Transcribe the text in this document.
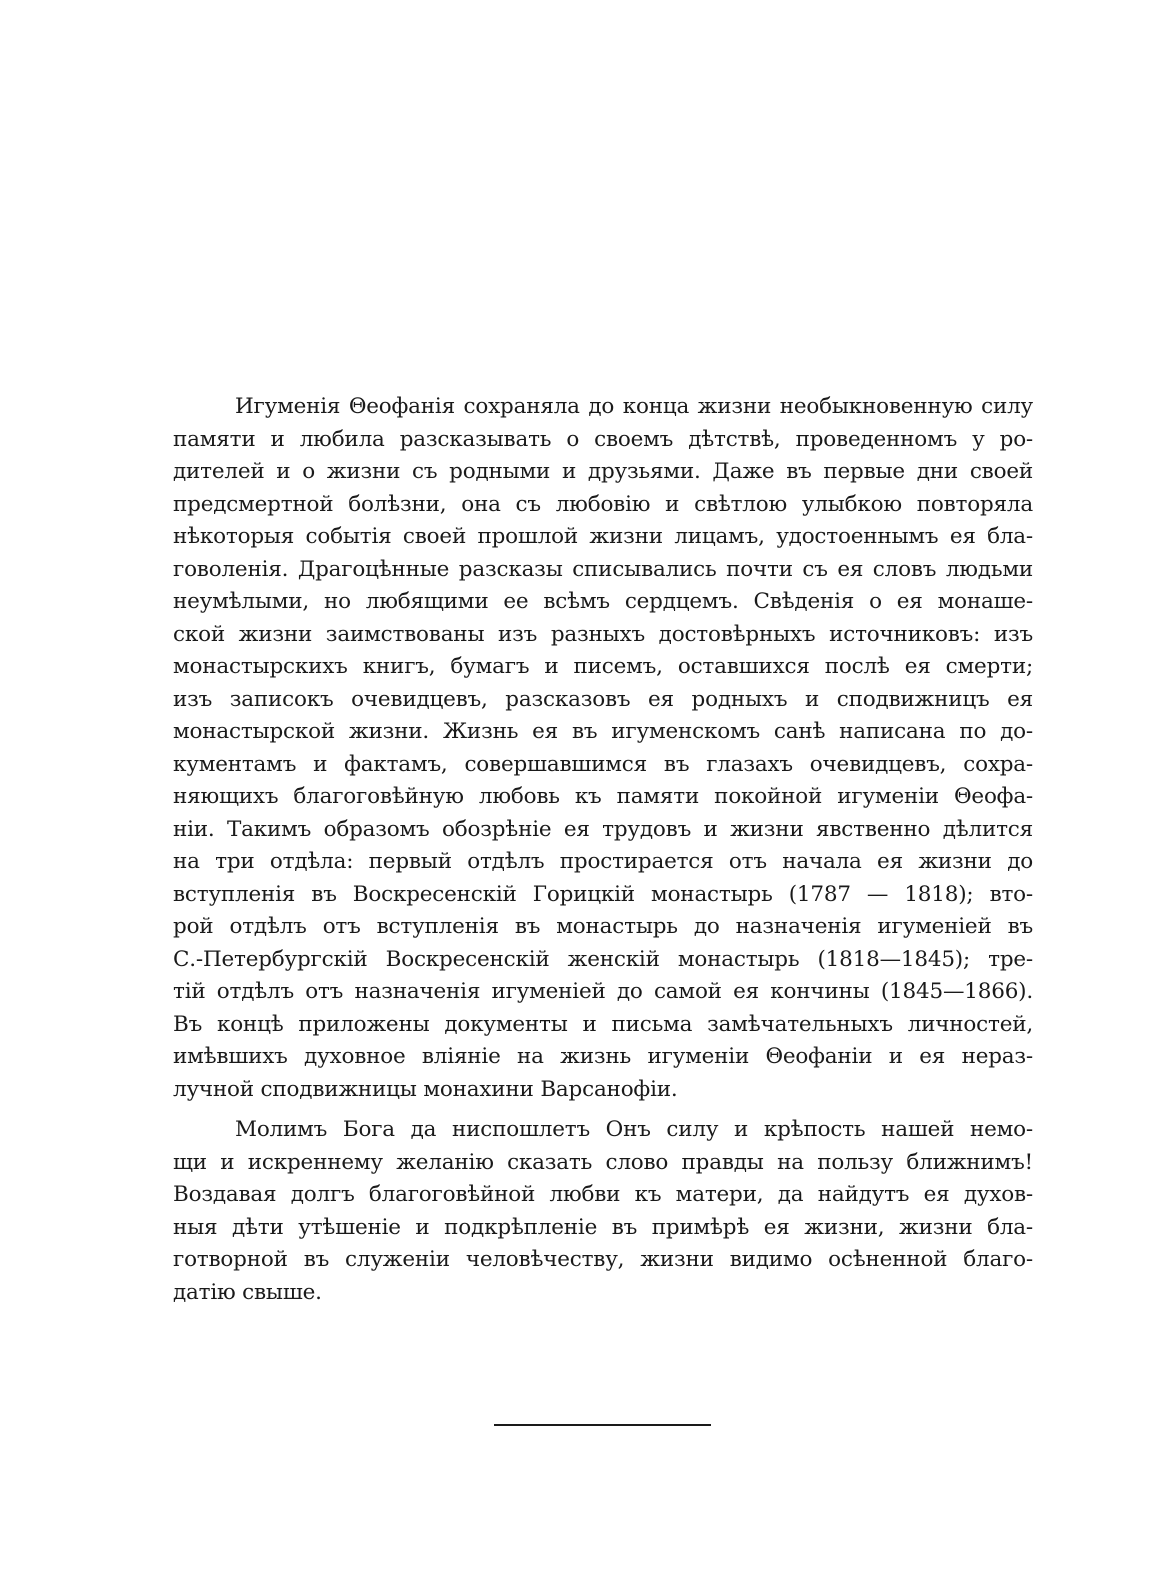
Игуменія Θеофанія сохраняла до конца жизни необыкновенную силу
памяти и любила разсказывать о своемъ дѣтствѣ, проведенномъ у ро-
дителей и о жизни съ родными и друзьями. Даже въ первые дни своей
предсмертной болѣзни, она съ любовію и свѣтлою улыбкою повторяла
нѣкоторыя событія своей прошлой жизни лицамъ, удостоеннымъ ея бла-
говоленія. Драгоцѣнные разсказы списывались почти съ ея словъ людьми
неумѣлыми, но любящими ее всѣмъ сердцемъ. Свѣденія о ея монаше-
ской жизни заимствованы изъ разныхъ достовѣрныхъ источниковъ: изъ
монастырскихъ книгъ, бумагъ и писемъ, оставшихся послѣ ея смерти;
изъ записокъ очевидцевъ, разсказовъ ея родныхъ и сподвижницъ ея
монастырской жизни. Жизнь ея въ игуменскомъ санѣ написана по до-
кументамъ и фактамъ, совершавшимся въ глазахъ очевидцевъ, сохра-
няющихъ благоговѣйную любовь къ памяти покойной игуменіи Θеофа-
ніи. Такимъ образомъ обозрѣніе ея трудовъ и жизни явственно дѣлится
на три отдѣла: первый отдѣлъ простирается отъ начала ея жизни до
вступленія въ Воскресенскій Горицкій монастырь (1787 — 1818); вто-
рой отдѣлъ отъ вступленія въ монастырь до назначенія игуменіей въ
С.-Петербургскій Воскресенскій женскій монастырь (1818—1845); тре-
тій отдѣлъ отъ назначенія игуменіей до самой ея кончины (1845—1866).
Въ концѣ приложены документы и письма замѣчательныхъ личностей,
имѣвшихъ духовное вліяніе на жизнь игуменіи Θеофаніи и ея нераз-
лучной сподвижницы монахини Варсанофіи.
Молимъ Бога да ниспошлетъ Онъ силу и крѣпость нашей немо-
щи и искреннему желанію сказать слово правды на пользу ближнимъ!
Воздавая долгъ благоговѣйной любви къ матери, да найдутъ ея духов-
ныя дѣти утѣшеніе и подкрѣпленіе въ примѣрѣ ея жизни, жизни бла-
готворной въ служеніи человѣчеству, жизни видимо осѣненной благо-
датію свыше.
